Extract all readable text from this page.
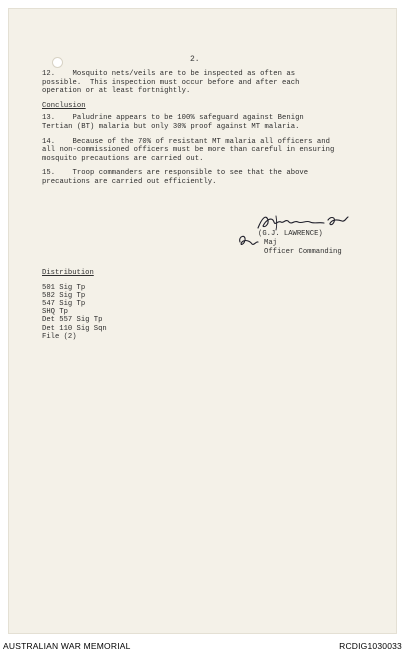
2.
12.    Mosquito nets/veils are to be inspected as often as
possible.  This inspection must occur before and after each
operation or at least fortnightly.
Conclusion
13.    Paludrine appears to be 100% safeguard against Benign
Tertian (BT) malaria but only 30% proof against MT malaria.
14.    Because of the 70% of resistant MT malaria all officers and
all non-commissioned officers must be more than careful in ensuring
mosquito precautions are carried out.
15.    Troop commanders are responsible to see that the above
precautions are carried out efficiently.
(G.J. LAWRENCE)
Maj
Officer Commanding
Distribution
501 Sig Tp
582 Sig Tp
547 Sig Tp
SHQ Tp
Det 557 Sig Tp
Det 110 Sig Sqn
File (2)
AUSTRALIAN WAR MEMORIAL	RCDIG1030033
